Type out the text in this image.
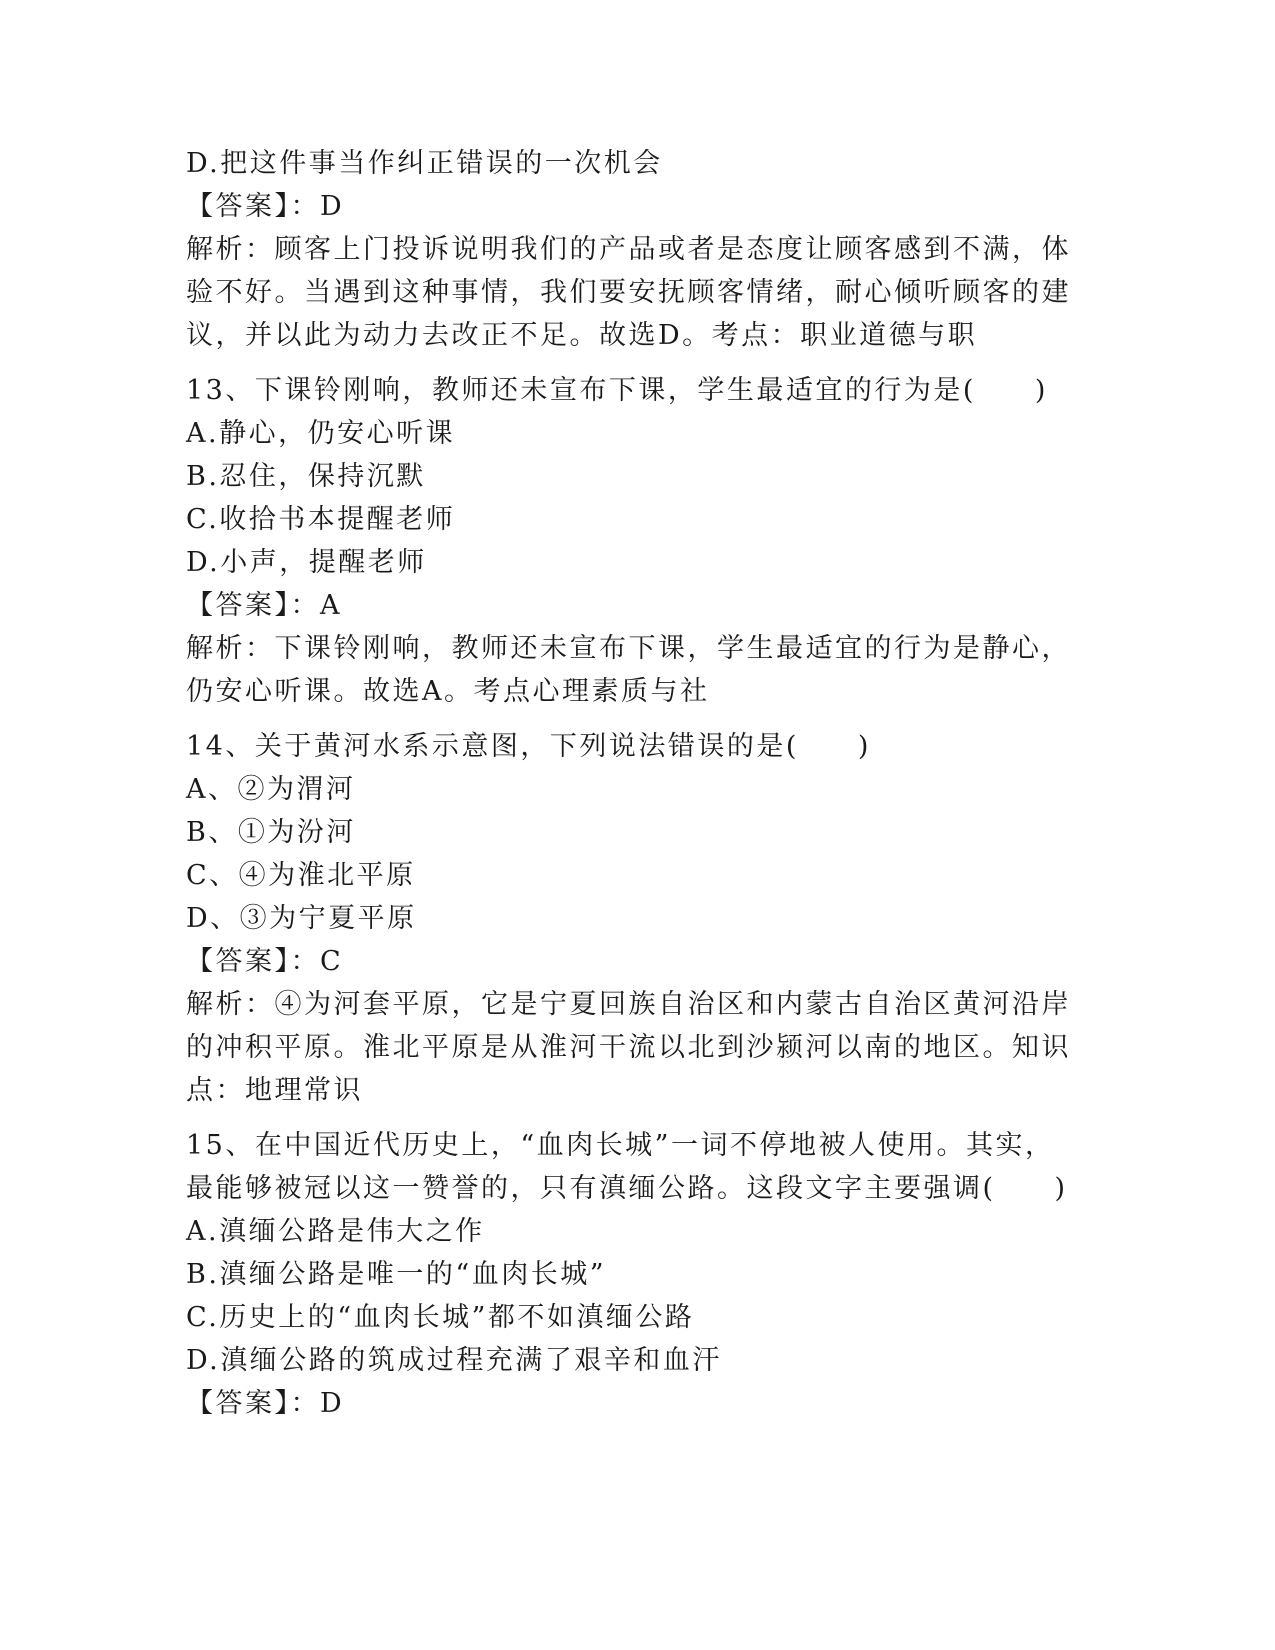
D.把这件事当作纠正错误的一次机会
【答案】：D
解析：顾客上门投诉说明我们的产品或者是态度让顾客感到不满，体
验不好。当遇到这种事情，我们要安抚顾客情绪，耐心倾听顾客的建
议，并以此为动力去改正不足。故选D。考点：职业道德与职
13、下课铃刚响，教师还未宣布下课，学生最适宜的行为是(　　)
A.静心，仍安心听课
B.忍住，保持沉默
C.收拾书本提醒老师
D.小声，提醒老师
【答案】：A
解析：下课铃刚响，教师还未宣布下课，学生最适宜的行为是静心，
仍安心听课。故选A。考点心理素质与社
14、关于黄河水系示意图，下列说法错误的是(　　)
A、②为渭河
B、①为汾河
C、④为淮北平原
D、③为宁夏平原
【答案】：C
解析：④为河套平原，它是宁夏回族自治区和内蒙古自治区黄河沿岸
的冲积平原。淮北平原是从淮河干流以北到沙颍河以南的地区。知识
点：地理常识
15、在中国近代历史上，“血肉长城”一词不停地被人使用。其实，
最能够被冠以这一赞誉的，只有滇缅公路。这段文字主要强调(　　)
A.滇缅公路是伟大之作
B.滇缅公路是唯一的“血肉长城”
C.历史上的“血肉长城”都不如滇缅公路
D.滇缅公路的筑成过程充满了艰辛和血汗
【答案】：D
